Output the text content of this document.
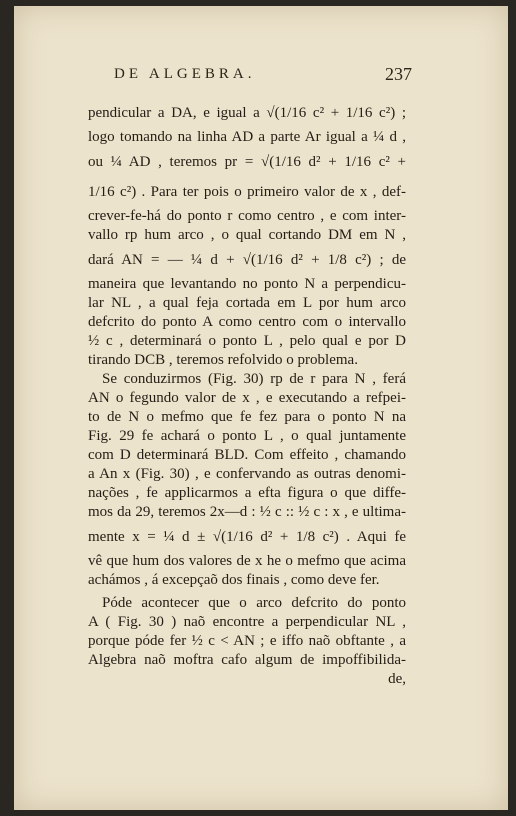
DE ALGEBRA.	237
pendicular a DA, e igual a √(1/16 c² + 1/16 c²) ;
logo tomando na linha AD a parte Ar igual a ¼ d ,
ou ¼ AD , teremos pr = √(1/16 d² + 1/16 c² +
1/16 c²) . Para ter pois o primeiro valor de x , def-
crever-fe-há do ponto r como centro , e com inter-
vallo rp hum arco , o qual cortando DM em N ,
dará AN = — ¼ d + √(1/16 d² + 1/8 c²) ; de
maneira que levantando no ponto N a perpendicu-
lar NL , a qual feja cortada em L por hum arco
defcrito do ponto A como centro com o intervallo
½ c , determinará o ponto L , pelo qual e por D
tirando DCB , teremos refolvido o problema.
Se conduzirmos (Fig. 30) rp de r para N , ferá
AN o fegundo valor de x , e executando a refpei-
to de N o mefmo que fe fez para o ponto N na
Fig. 29 fe achará o ponto L , o qual juntamente
com D determinará BLD. Com effeito , chamando
a An x (Fig. 30) , e confervando as outras denomi-
nações , fe applicarmos a efta figura o que diffe-
mos da 29, teremos 2x—d : ½ c :: ½ c : x , e ultima-
mente x = ¼ d ± √(1/16 d² + 1/8 c²) . Aqui fe
vê que hum dos valores de x he o mefmo que acima
achámos , á excepçaõ dos finais , como deve fer.
Póde acontecer que o arco defcrito do ponto
A ( Fig. 30 ) naõ encontre a perpendicular NL ,
porque póde fer ½ c < AN ; e iffo naõ obftante , a
Algebra naõ moftra cafo algum de impoffibilida-
de,
